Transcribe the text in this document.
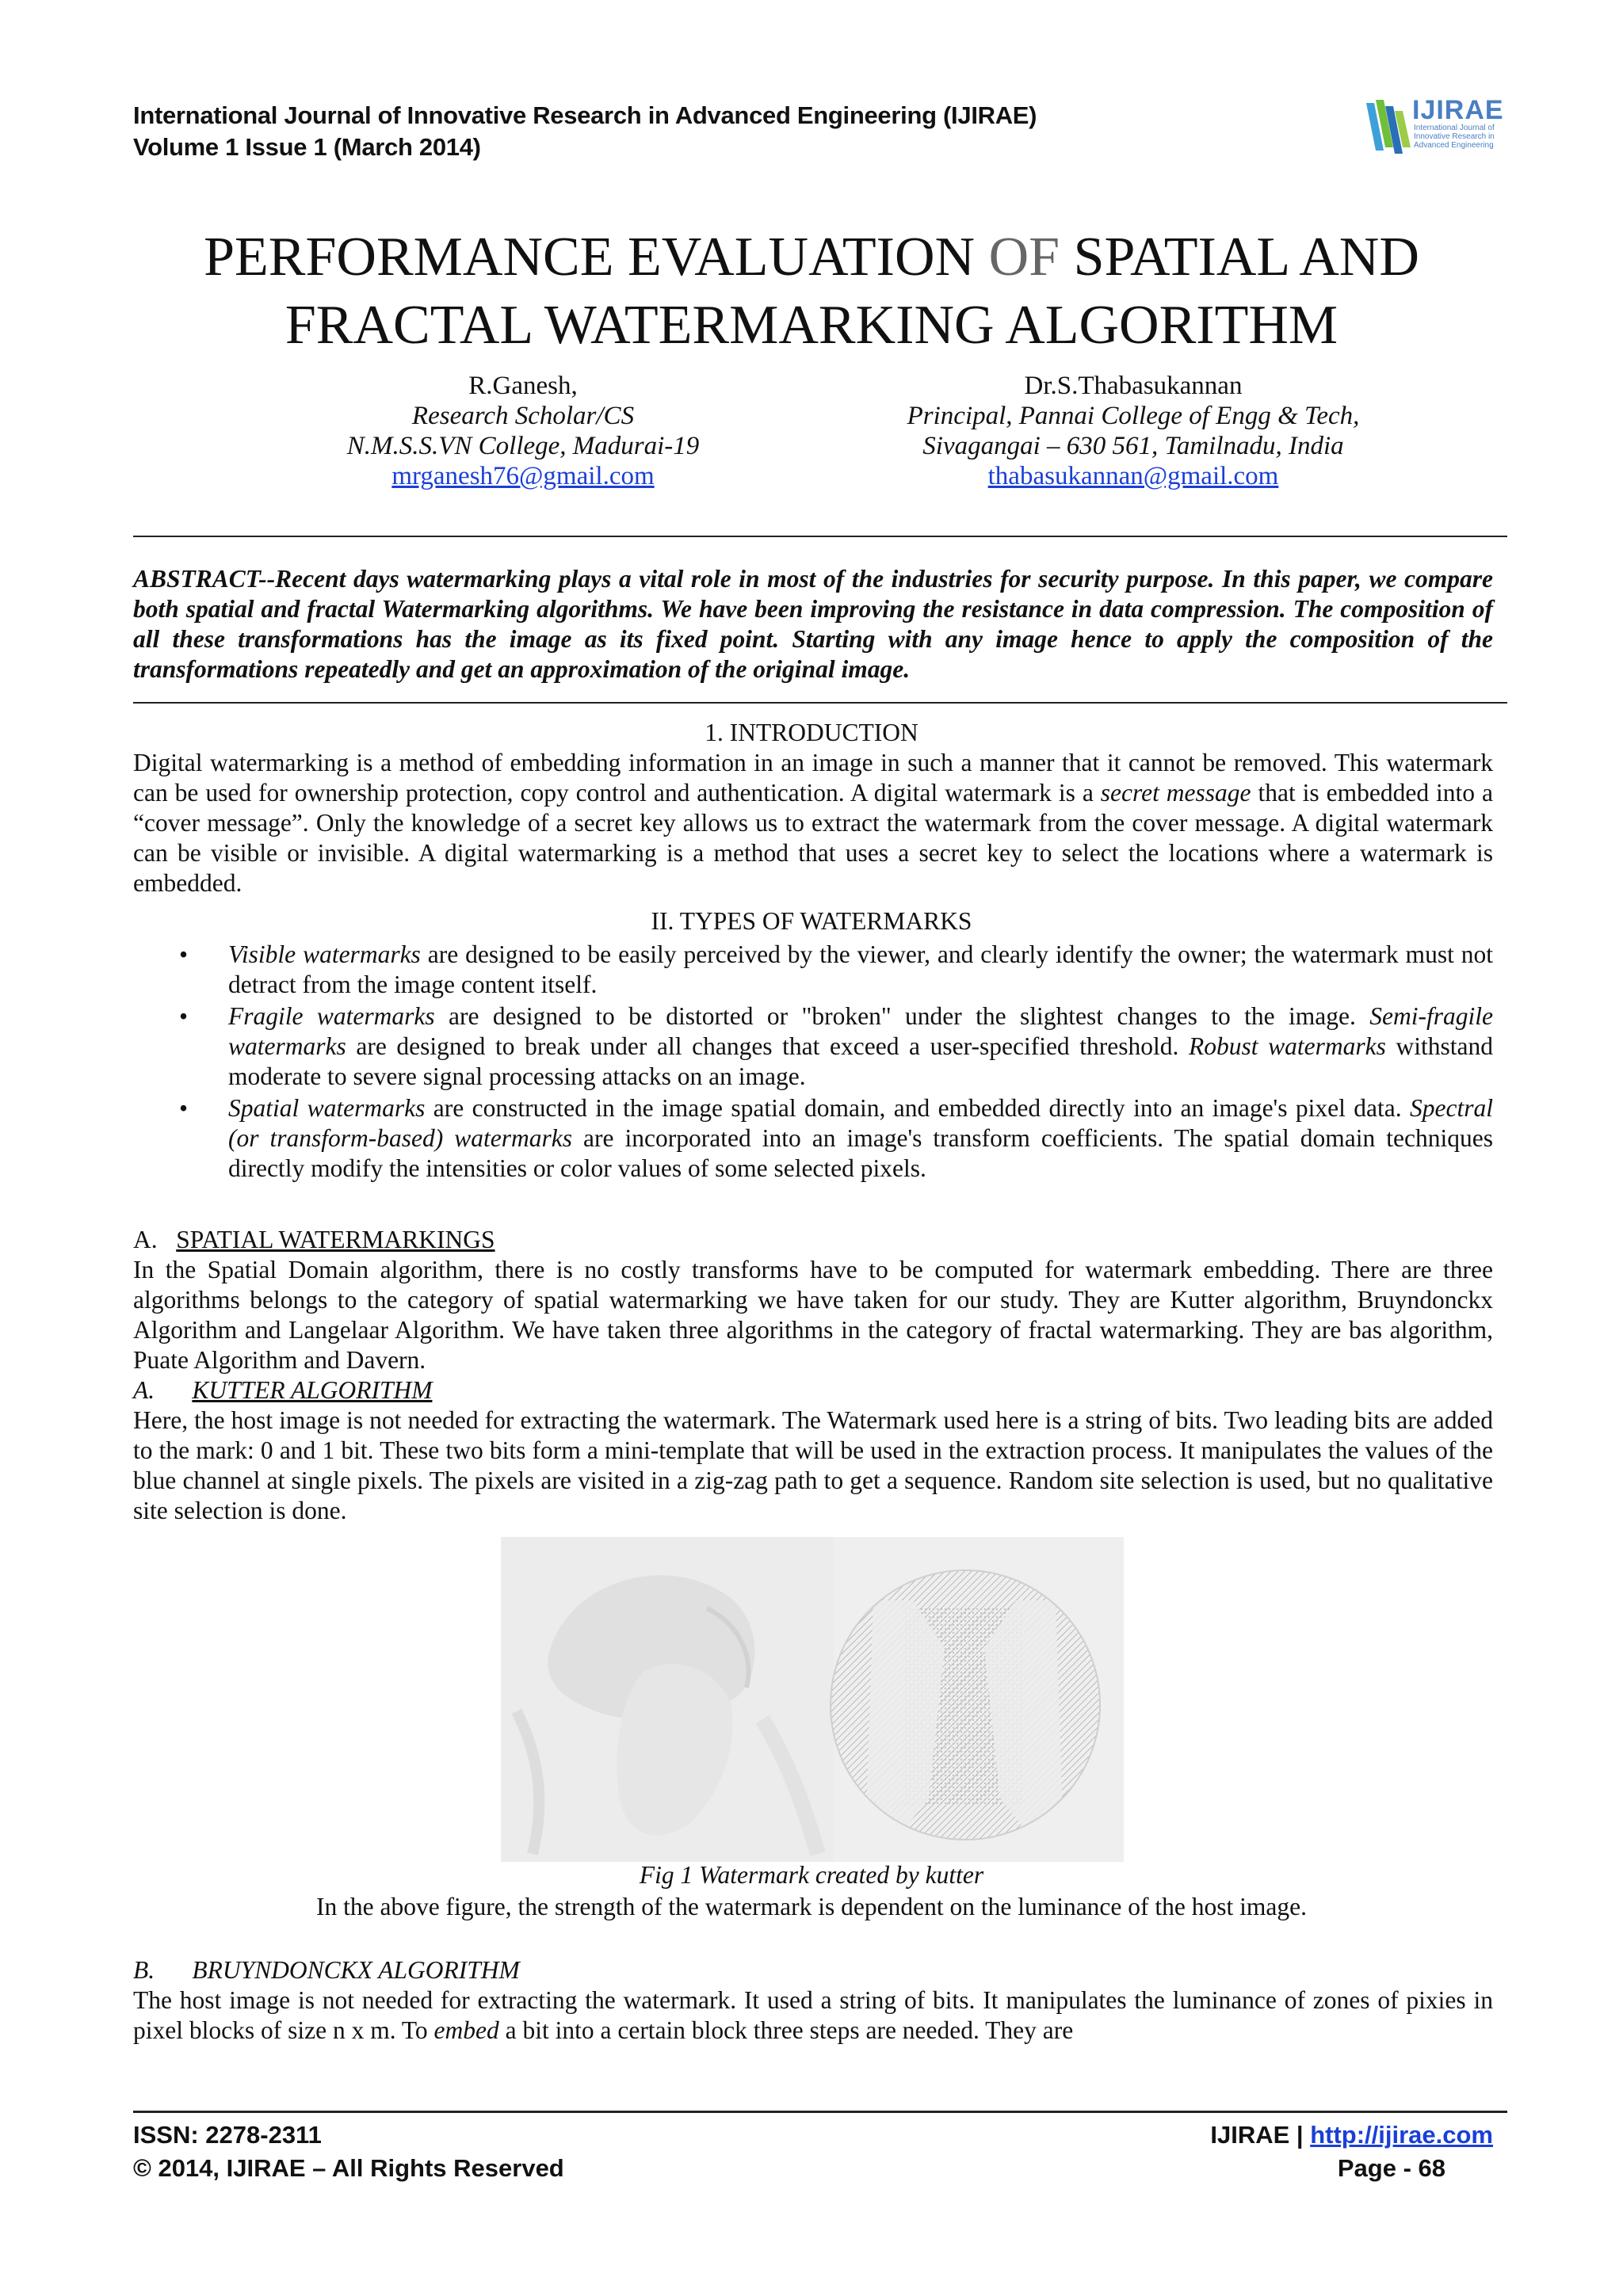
International Journal of Innovative Research in Advanced Engineering (IJIRAE)
Volume 1 Issue 1 (March 2014)
IJIRAE
International Journal of Innovative Research in Advanced Engineering
PERFORMANCE EVALUATION OF SPATIAL AND
FRACTAL WATERMARKING ALGORITHM
R.Ganesh,
Research Scholar/CS
N.M.S.S.VN College, Madurai-19
mrganesh76@gmail.com
Dr.S.Thabasukannan
Principal, Pannai College of Engg & Tech,
Sivagangai – 630 561, Tamilnadu, India
thabasukannan@gmail.com
ABSTRACT--Recent days watermarking plays a vital role in most of the industries for security purpose. In this paper, we compare both spatial and fractal Watermarking algorithms. We have been improving the resistance in data compression. The composition of all these transformations has the image as its fixed point. Starting with any image hence to apply the composition of the transformations repeatedly and get an approximation of the original image.
1. INTRODUCTION
Digital watermarking is a method of embedding information in an image in such a manner that it cannot be removed. This watermark can be used for ownership protection, copy control and authentication. A digital watermark is a secret message that is embedded into a “cover message”. Only the knowledge of a secret key allows us to extract the watermark from the cover message. A digital watermark can be visible or invisible. A digital watermarking is a method that uses a secret key to select the locations where a watermark is embedded.
II. TYPES OF WATERMARKS
• Visible watermarks are designed to be easily perceived by the viewer, and clearly identify the owner; the watermark must not detract from the image content itself.
• Fragile watermarks are designed to be distorted or "broken" under the slightest changes to the image. Semi-fragile watermarks are designed to break under all changes that exceed a user-specified threshold. Robust watermarks withstand moderate to severe signal processing attacks on an image.
• Spatial watermarks are constructed in the image spatial domain, and embedded directly into an image's pixel data. Spectral (or transform-based) watermarks are incorporated into an image's transform coefficients. The spatial domain techniques directly modify the intensities or color values of some selected pixels.
A. SPATIAL WATERMARKINGS
In the Spatial Domain algorithm, there is no costly transforms have to be computed for watermark embedding. There are three algorithms belongs to the category of spatial watermarking we have taken for our study. They are Kutter algorithm, Bruyndonckx Algorithm and Langelaar Algorithm. We have taken three algorithms in the category of fractal watermarking. They are bas algorithm, Puate Algorithm and Davern.
A. KUTTER ALGORITHM
Here, the host image is not needed for extracting the watermark. The Watermark used here is a string of bits. Two leading bits are added to the mark: 0 and 1 bit. These two bits form a mini-template that will be used in the extraction process. It manipulates the values of the blue channel at single pixels. The pixels are visited in a zig-zag path to get a sequence. Random site selection is used, but no qualitative site selection is done.
Fig 1 Watermark created by kutter
In the above figure, the strength of the watermark is dependent on the luminance of the host image.
B. BRUYNDONCKX ALGORITHM
The host image is not needed for extracting the watermark. It used a string of bits. It manipulates the luminance of zones of pixies in pixel blocks of size n x m. To embed a bit into a certain block three steps are needed. They are
ISSN: 2278-2311
© 2014, IJIRAE – All Rights Reserved
IJIRAE | http://ijirae.com
Page - 68
